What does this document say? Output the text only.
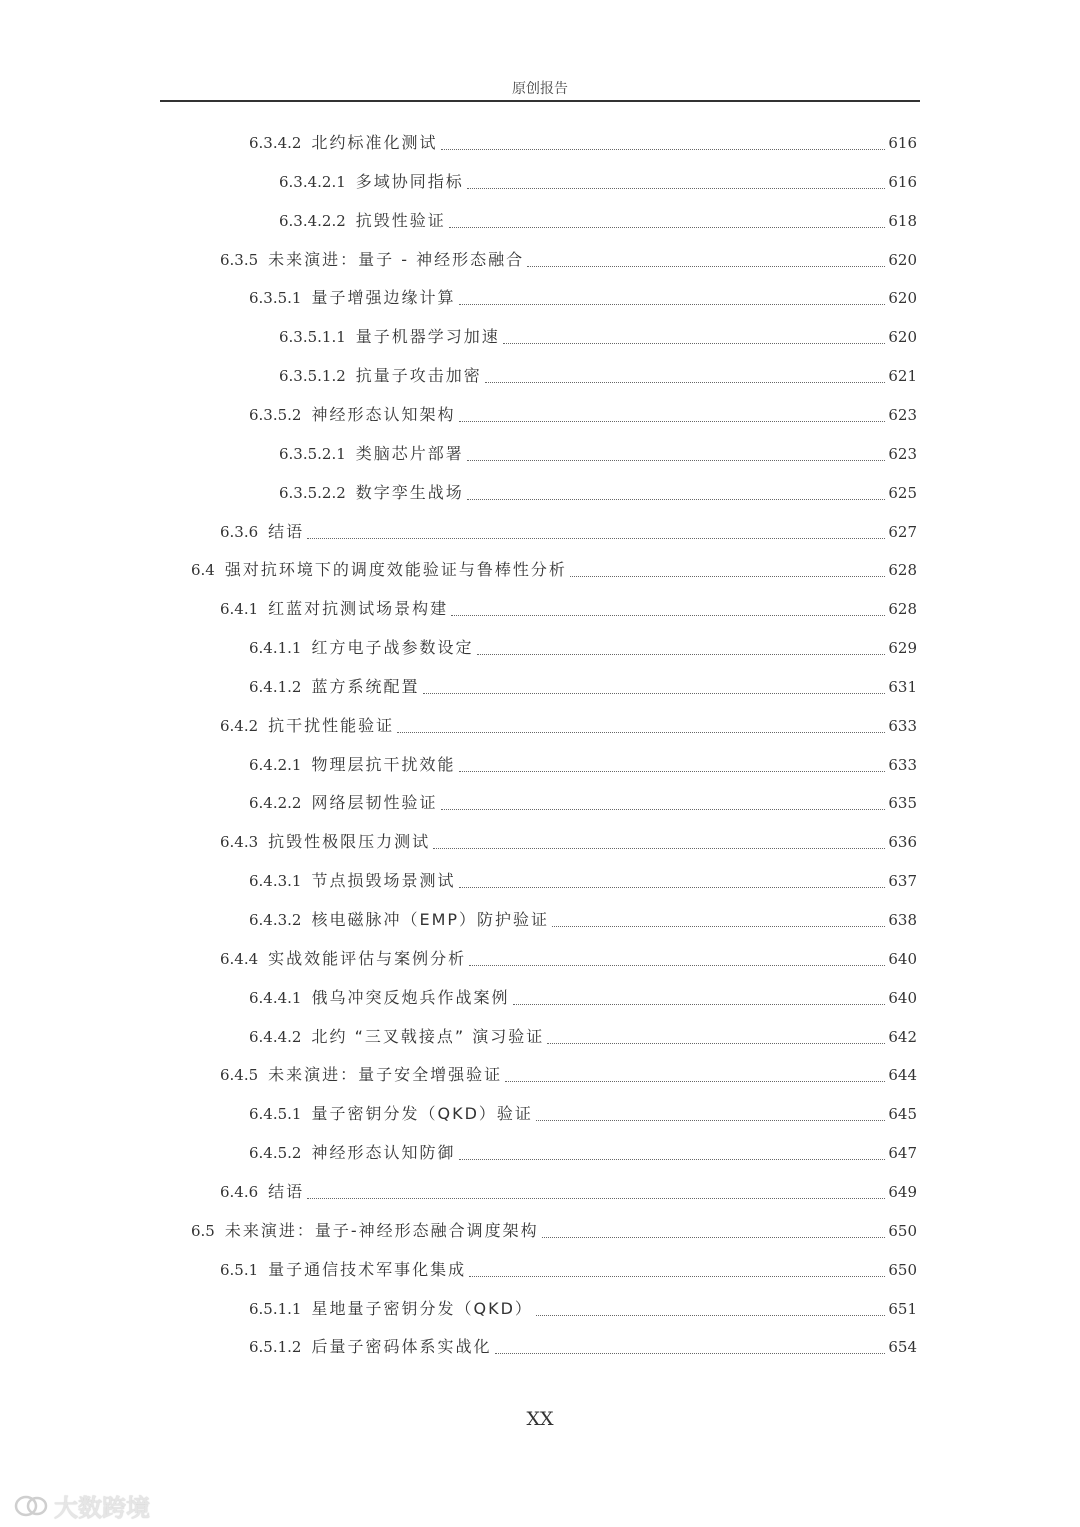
原创报告
6.3.4.2 北约标准化测试	616
6.3.4.2.1 多域协同指标	616
6.3.4.2.2 抗毁性验证	618
6.3.5 未来演进：量子 - 神经形态融合	620
6.3.5.1 量子增强边缘计算	620
6.3.5.1.1 量子机器学习加速	620
6.3.5.1.2 抗量子攻击加密	621
6.3.5.2 神经形态认知架构	623
6.3.5.2.1 类脑芯片部署	623
6.3.5.2.2 数字孪生战场	625
6.3.6 结语	627
6.4 强对抗环境下的调度效能验证与鲁棒性分析	628
6.4.1 红蓝对抗测试场景构建	628
6.4.1.1 红方电子战参数设定	629
6.4.1.2 蓝方系统配置	631
6.4.2 抗干扰性能验证	633
6.4.2.1 物理层抗干扰效能	633
6.4.2.2 网络层韧性验证	635
6.4.3 抗毁性极限压力测试	636
6.4.3.1 节点损毁场景测试	637
6.4.3.2 核电磁脉冲（EMP）防护验证	638
6.4.4 实战效能评估与案例分析	640
6.4.4.1 俄乌冲突反炮兵作战案例	640
6.4.4.2 北约 “三叉戟接点” 演习验证	642
6.4.5 未来演进：量子安全增强验证	644
6.4.5.1 量子密钥分发（QKD）验证	645
6.4.5.2 神经形态认知防御	647
6.4.6 结语	649
6.5 未来演进：量子-神经形态融合调度架构	650
6.5.1 量子通信技术军事化集成	650
6.5.1.1 星地量子密钥分发（QKD）	651
6.5.1.2 后量子密码体系实战化	654
XX
大数跨境
